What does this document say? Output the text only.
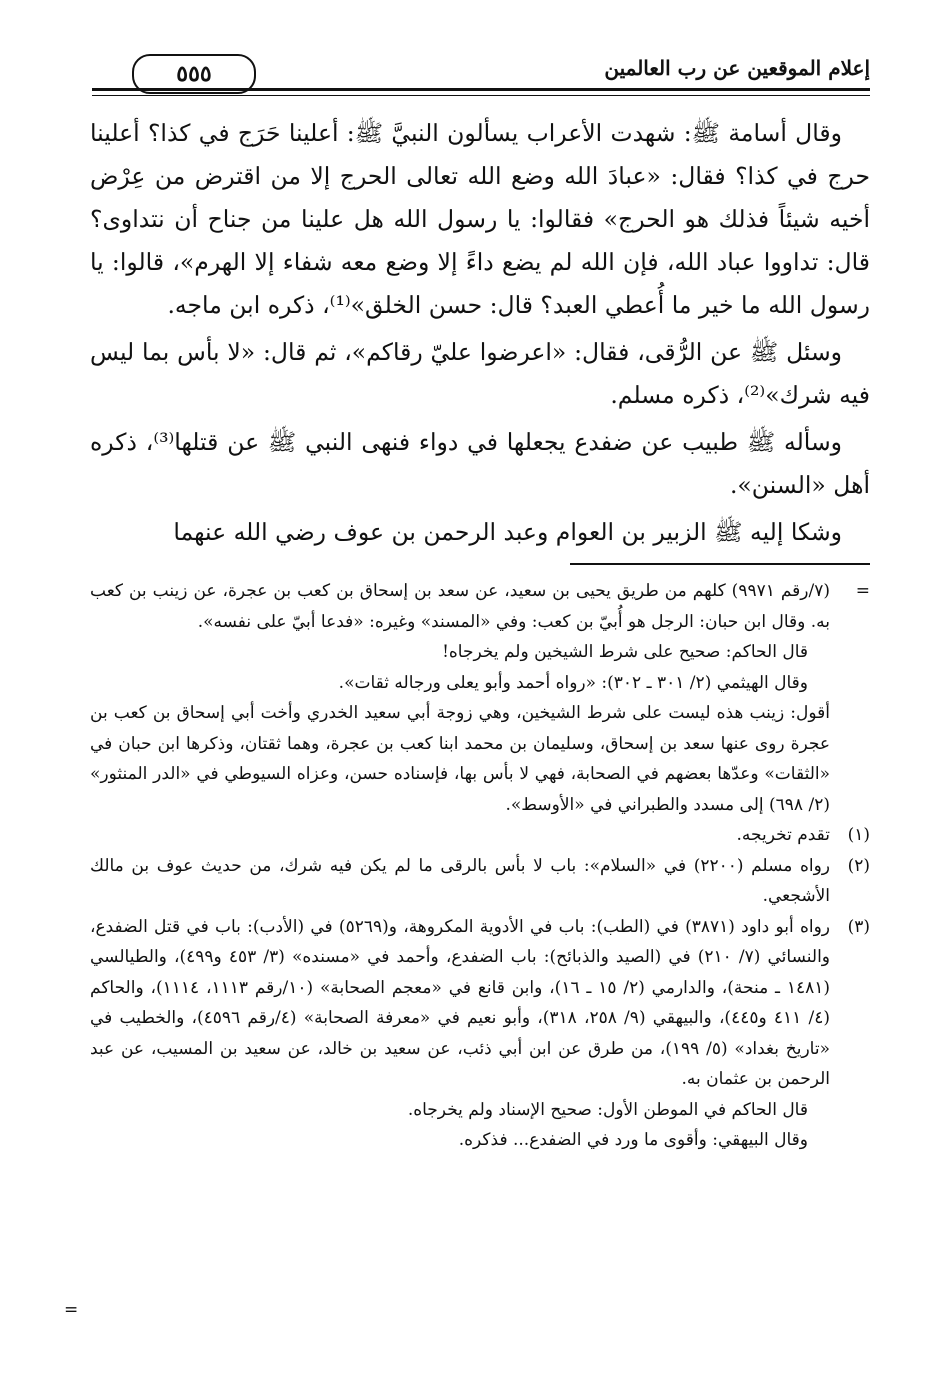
إعلام الموقعين عن رب العالمين
٥٥٥

وقال أسامة ﷺ: شهدت الأعراب يسألون النبيَّ ﷺ: أعلينا حَرَج في كذا؟ أعلينا حرج في كذا؟ فقال: «عبادَ الله وضع الله تعالى الحرج إلا من اقترض من عِرْض أخيه شيئاً فذلك هو الحرج» فقالوا: يا رسول الله هل علينا من جناح أن نتداوى؟ قال: تداووا عباد الله، فإن الله لم يضع داءً إلا وضع معه شفاء إلا الهرم»، قالوا: يا رسول الله ما خير ما أُعطي العبد؟ قال: حسن الخلق»⁽¹⁾، ذكره ابن ماجه.

وسئل ﷺ عن الرُّقى، فقال: «اعرضوا عليّ رقاكم»، ثم قال: «لا بأس بما ليس فيه شرك»⁽²⁾، ذكره مسلم.

وسأله ﷺ طبيب عن ضفدع يجعلها في دواء فنهى النبي ﷺ عن قتلها⁽³⁾، ذكره أهل «السنن».

وشكا إليه ﷺ الزبير بن العوام وعبد الرحمن بن عوف رضي الله عنهما

=

(٧/رقم ٩٩٧١) كلهم من طريق يحيى بن سعيد، عن سعد بن إسحاق بن كعب بن عجرة، عن زينب بن كعب به. وقال ابن حبان: الرجل هو أُبيّ بن كعب: وفي «المسند» وغيره: «فدعا أبيّ على نفسه».

قال الحاكم: صحيح على شرط الشيخين ولم يخرجاه!

وقال الهيثمي (٢/ ٣٠١ ـ ٣٠٢): «رواه أحمد وأبو يعلى ورجاله ثقات».

أقول: زينب هذه ليست على شرط الشيخين، وهي زوجة أبي سعيد الخدري وأخت أبي إسحاق بن كعب بن عجرة روى عنها سعد بن إسحاق، وسليمان بن محمد ابنا كعب بن عجرة، وهما ثقتان، وذكرها ابن حبان في «الثقات» وعدّها بعضهم في الصحابة، فهي لا بأس بها، فإسناده حسن، وعزاه السيوطي في «الدر المنثور» (٢/ ٦٩٨) إلى مسدد والطبراني في «الأوسط».

(١)

تقدم تخريجه.

(٢)

رواه مسلم (٢٢٠٠) في «السلام»: باب لا بأس بالرقى ما لم يكن فيه شرك، من حديث عوف بن مالك الأشجعي.

(٣)

رواه أبو داود (٣٨٧١) في (الطب): باب في الأدوية المكروهة، و(٥٢٦٩) في (الأدب): باب في قتل الضفدع، والنسائي (٧/ ٢١٠) في (الصيد والذبائح): باب الضفدع، وأحمد في «مسنده» (٣/ ٤٥٣ و٤٩٩)، والطيالسي (١٤٨١ ـ منحة)، والدارمي (٢/ ١٥ ـ ١٦)، وابن قانع في «معجم الصحابة» (١٠/رقم ١١١٣، ١١١٤)، والحاكم (٤/ ٤١١ و٤٤٥)، والبيهقي (٩/ ٢٥٨، ٣١٨)، وأبو نعيم في «معرفة الصحابة» (٤/رقم ٤٥٩٦)، والخطيب في «تاريخ بغداد» (٥/ ١٩٩)، من طرق عن ابن أبي ذئب، عن سعيد بن خالد، عن سعيد بن المسيب، عن عبد الرحمن بن عثمان به.

قال الحاكم في الموطن الأول: صحيح الإسناد ولم يخرجاه.

وقال البيهقي: وأقوى ما ورد في الضفدع... فذكره.

=
